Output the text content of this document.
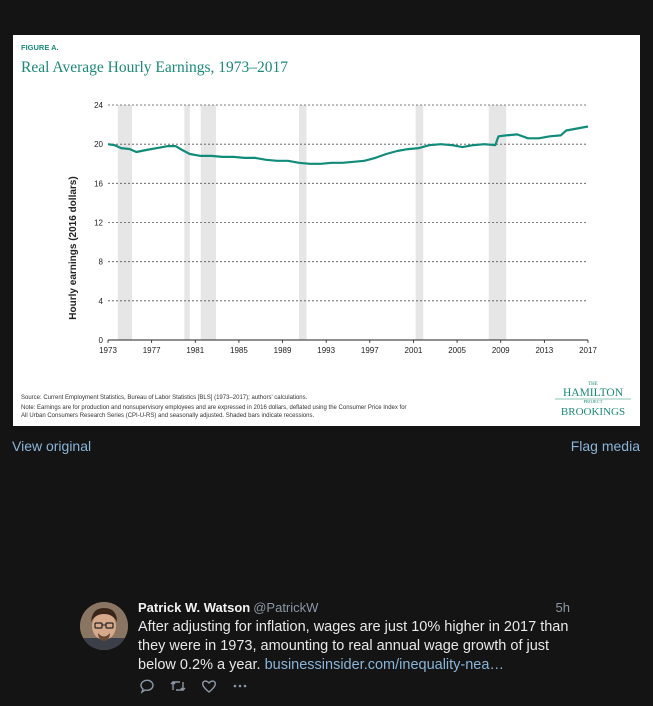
FIGURE A.
Real Average Hourly Earnings, 1973–2017
Hourly earnings (2016 dollars)
0
4
8
12
16
20
24
1973	1977	1981	1985	1989	1993	1997	2001	2005	2009	2013	2017
Source: Current Employment Statistics, Bureau of Labor Statistics [BLS] (1973–2017); authors' calculations.
Note: Earnings are for production and nonsupervisory employees and are expressed in 2016 dollars, deflated using the Consumer Price Index for
All Urban Consumers Research Series (CPI-U-RS) and seasonally adjusted. Shaded bars indicate recessions.
THE
HAMILTON
PROJECT
BROOKINGS
View original	Flag media
Patrick W. Watson @PatrickW	5h
After adjusting for inflation, wages are just 10% higher in 2017 than they were in 1973, amounting to real annual wage growth of just below 0.2% a year. businessinsider.com/inequality-nea…
